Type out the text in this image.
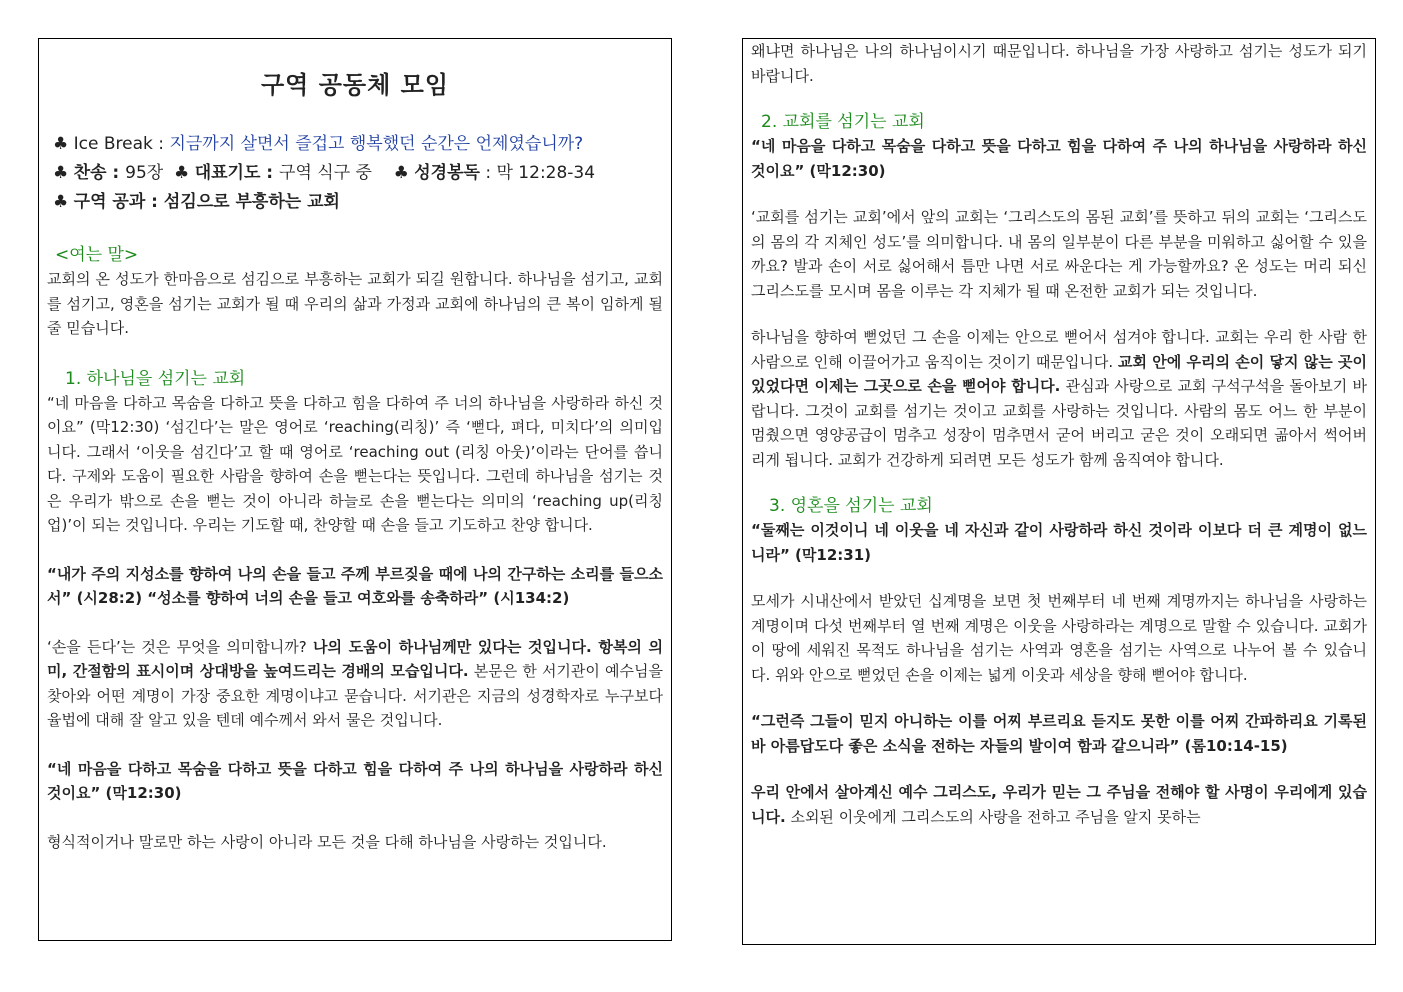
구역 공동체 모임
♣ Ice Break : 지금까지 살면서 즐겁고 행복했던 순간은 언제였습니까?
♣ 찬송 : 95장 ♣ 대표기도 : 구역 식구 중 ♣ 성경봉독 : 막 12:28-34
♣ 구역 공과 : 섬김으로 부흥하는 교회
<여는 말>

교회의 온 성도가 한마음으로 섬김으로 부흥하는 교회가 되길 원합니다. 하나님을 섬기고, 교회를 섬기고, 영혼을 섬기는 교회가 될 때 우리의 삶과 가정과 교회에 하나님의 큰 복이 임하게 될 줄 믿습니다.

1. 하나님을 섬기는 교회

“네 마음을 다하고 목숨을 다하고 뜻을 다하고 힘을 다하여 주 너의 하나님을 사랑하라 하신 것이요” (막12:30) ‘섬긴다’는 말은 영어로 ‘reaching(리칭)’ 즉 ‘뻗다, 펴다, 미치다’의 의미입니다. 그래서 ‘이웃을 섬긴다’고 할 때 영어로 ‘reaching out (리칭 아웃)’이라는 단어를 씁니다. 구제와 도움이 필요한 사람을 향하여 손을 뻗는다는 뜻입니다. 그런데 하나님을 섬기는 것은 우리가 밖으로 손을 뻗는 것이 아니라 하늘로 손을 뻗는다는 의미의 ‘reaching up(리칭 업)’이 되는 것입니다. 우리는 기도할 때, 찬양할 때 손을 들고 기도하고 찬양 합니다.

“내가 주의 지성소를 향하여 나의 손을 들고 주께 부르짖을 때에 나의 간구하는 소리를 들으소서” (시28:2) “성소를 향하여 너의 손을 들고 여호와를 송축하라” (시134:2)

‘손을 든다’는 것은 무엇을 의미합니까? 나의 도움이 하나님께만 있다는 것입니다. 항복의 의미, 간절함의 표시이며 상대방을 높여드리는 경배의 모습입니다. 본문은 한 서기관이 예수님을 찾아와 어떤 계명이 가장 중요한 계명이냐고 묻습니다. 서기관은 지금의 성경학자로 누구보다 율법에 대해 잘 알고 있을 텐데 예수께서 와서 물은 것입니다.

“네 마음을 다하고 목숨을 다하고 뜻을 다하고 힘을 다하여 주 나의 하나님을 사랑하라 하신 것이요” (막12:30)

형식적이거나 말로만 하는 사랑이 아니라 모든 것을 다해 하나님을 사랑하는 것입니다.

왜냐면 하나님은 나의 하나님이시기 때문입니다. 하나님을 가장 사랑하고 섬기는 성도가 되기 바랍니다.

2. 교회를 섬기는 교회

“네 마음을 다하고 목숨을 다하고 뜻을 다하고 힘을 다하여 주 나의 하나님을 사랑하라 하신 것이요” (막12:30)

‘교회를 섬기는 교회’에서 앞의 교회는 ‘그리스도의 몸된 교회’를 뜻하고 뒤의 교회는 ‘그리스도의 몸의 각 지체인 성도’를 의미합니다. 내 몸의 일부분이 다른 부분을 미워하고 싫어할 수 있을까요? 발과 손이 서로 싫어해서 틈만 나면 서로 싸운다는 게 가능할까요? 온 성도는 머리 되신 그리스도를 모시며 몸을 이루는 각 지체가 될 때 온전한 교회가 되는 것입니다.

하나님을 향하여 뻗었던 그 손을 이제는 안으로 뻗어서 섬겨야 합니다. 교회는 우리 한 사람 한 사람으로 인해 이끌어가고 움직이는 것이기 때문입니다. 교회 안에 우리의 손이 닿지 않는 곳이 있었다면 이제는 그곳으로 손을 뻗어야 합니다. 관심과 사랑으로 교회 구석구석을 돌아보기 바랍니다. 그것이 교회를 섬기는 것이고 교회를 사랑하는 것입니다. 사람의 몸도 어느 한 부분이 멈췄으면 영양공급이 멈추고 성장이 멈추면서 굳어 버리고 굳은 것이 오래되면 곪아서 썩어버리게 됩니다. 교회가 건강하게 되려면 모든 성도가 함께 움직여야 합니다.

3. 영혼을 섬기는 교회

“둘째는 이것이니 네 이웃을 네 자신과 같이 사랑하라 하신 것이라 이보다 더 큰 계명이 없느니라” (막12:31)

모세가 시내산에서 받았던 십계명을 보면 첫 번째부터 네 번째 계명까지는 하나님을 사랑하는 계명이며 다섯 번째부터 열 번째 계명은 이웃을 사랑하라는 계명으로 말할 수 있습니다. 교회가 이 땅에 세워진 목적도 하나님을 섬기는 사역과 영혼을 섬기는 사역으로 나누어 볼 수 있습니다. 위와 안으로 뻗었던 손을 이제는 넓게 이웃과 세상을 향해 뻗어야 합니다.

“그런즉 그들이 믿지 아니하는 이를 어찌 부르리요 듣지도 못한 이를 어찌 간파하리요 기록된 바 아름답도다 좋은 소식을 전하는 자들의 발이여 함과 같으니라” (롬10:14-15)

우리 안에서 살아계신 예수 그리스도, 우리가 믿는 그 주님을 전해야 할 사명이 우리에게 있습니다. 소외된 이웃에게 그리스도의 사랑을 전하고 주님을 알지 못하는
